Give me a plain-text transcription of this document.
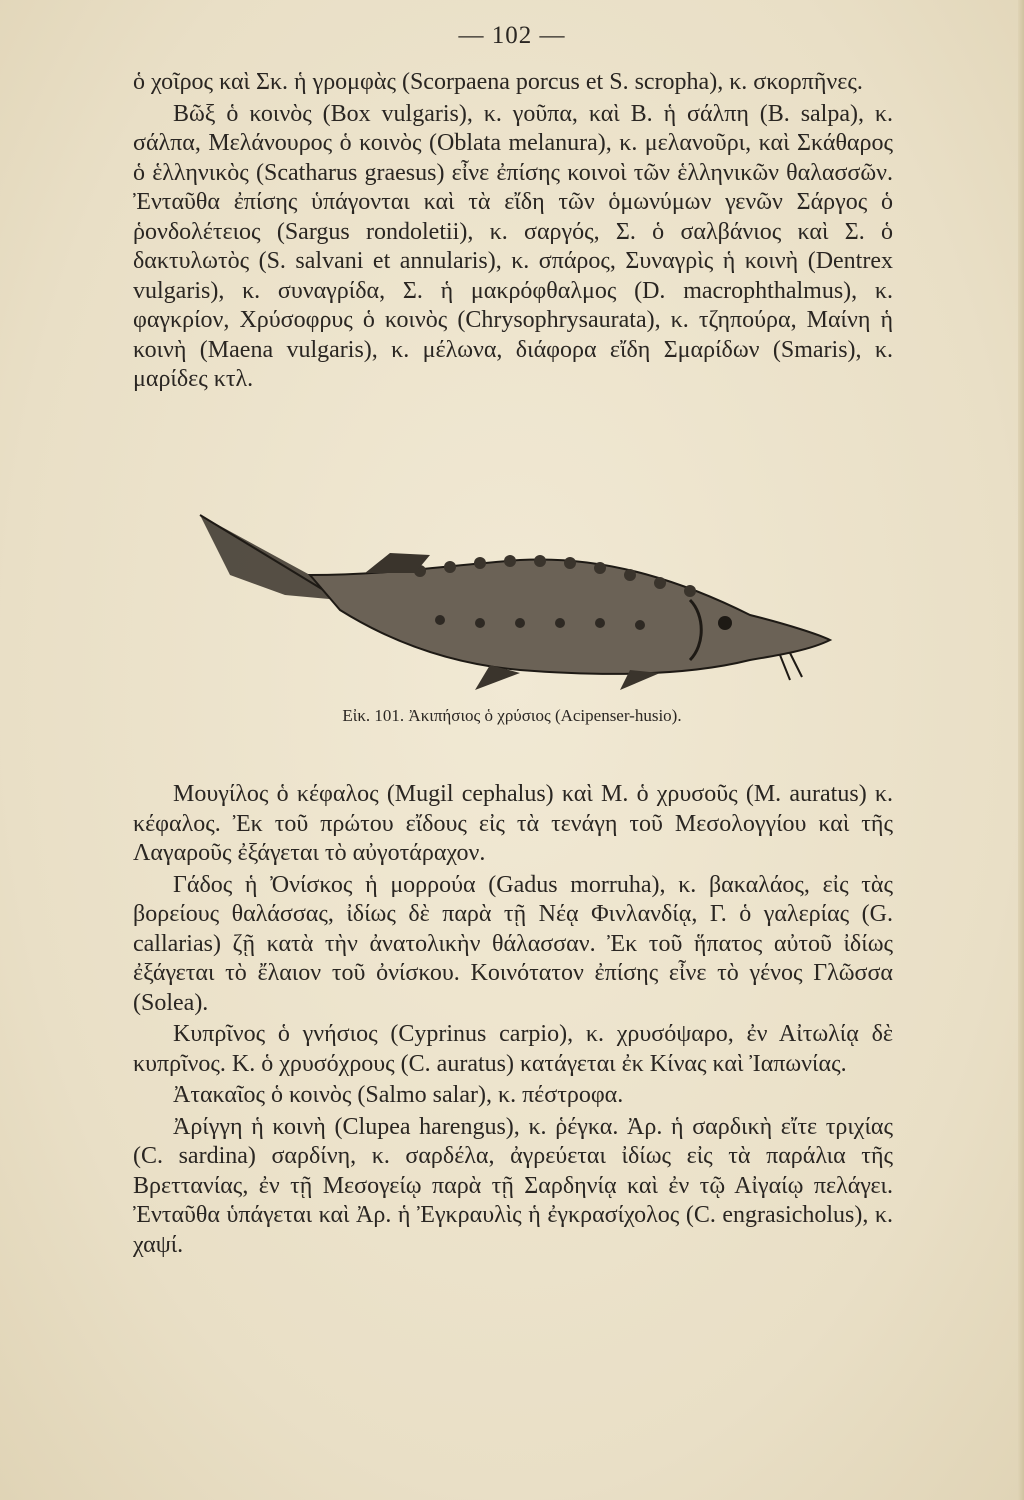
— 102 —

ὁ χοῖρος καὶ Σκ. ἡ γρομφὰς (Scorpaena porcus et S. scropha), κ. σκορπῆνες.

Βῶξ ὁ κοινὸς (Box vulgaris), κ. γοῦπα, καὶ Β. ἡ σάλπη (B. salpa), κ. σάλπα, Μελάνουρος ὁ κοινὸς (Oblata melanura), κ. μελανοῦρι, καὶ Σκάθαρος ὁ ἑλληνικὸς (Scatharus graesus) εἶνε ἐπίσης κοινοὶ τῶν ἑλληνικῶν θαλασσῶν. Ἐνταῦθα ἐπίσης ὑπάγονται καὶ τὰ εἴδη τῶν ὁμωνύμων γενῶν Σάργος ὁ ῥονδολέτειος (Sargus rondoletii), κ. σαργός, Σ. ὁ σαλβάνιος καὶ Σ. ὁ δακτυλωτὸς (S. salvani et annularis), κ. σπάρος, Συναγρὶς ἡ κοινὴ (Dentrex vulgaris), κ. συναγρίδα, Σ. ἡ μακρόφθαλμος (D. macrophthalmus), κ. φαγκρίον, Χρύσοφρυς ὁ κοινὸς (Chrysophrysaurata), κ. τζηπούρα, Μαίνη ἡ κοινὴ (Maena vulgaris), κ. μέλωνα, διάφορα εἴδη Σμαρίδων (Smaris), κ. μαρίδες κτλ.

Εἰκ. 101. Ἀκιπήσιος ὁ χρύσιος (Acipenser-husio).

Μουγίλος ὁ κέφαλος (Mugil cephalus) καὶ Μ. ὁ χρυσοῦς (M. auratus) κ. κέφαλος. Ἐκ τοῦ πρώτου εἴδους εἰς τὰ τενάγη τοῦ Μεσολογγίου καὶ τῆς Λαγαροῦς ἐξάγεται τὸ αὐγοτάραχον.

Γάδος ἡ Ὀνίσκος ἡ μορρούα (Gadus morruha), κ. βακαλάος, εἰς τὰς βορείους θαλάσσας, ἰδίως δὲ παρὰ τῇ Νέᾳ Φινλανδίᾳ, Γ. ὁ γαλερίας (G. callarias) ζῇ κατὰ τὴν ἀνατολικὴν θάλασσαν. Ἐκ τοῦ ἥπατος αὐτοῦ ἰδίως ἐξάγεται τὸ ἔλαιον τοῦ ὀνίσκου. Κοινότατον ἐπίσης εἶνε τὸ γένος Γλῶσσα (Solea).

Κυπρῖνος ὁ γνήσιος (Cyprinus carpio), κ. χρυσόψαρο, ἐν Αἰτωλίᾳ δὲ κυπρῖνος. Κ. ὁ χρυσόχρους (C. auratus) κατάγεται ἐκ Κίνας καὶ Ἰαπωνίας.

Ἀτακαῖος ὁ κοινὸς (Salmo salar), κ. πέστροφα.

Ἀρίγγη ἡ κοινὴ (Clupea harengus), κ. ῥέγκα. Ἀρ. ἡ σαρδικὴ εἴτε τριχίας (C. sardina) σαρδίνη, κ. σαρδέλα, ἀγρεύεται ἰδίως εἰς τὰ παράλια τῆς Βρεττανίας, ἐν τῇ Μεσογείῳ παρὰ τῇ Σαρδηνίᾳ καὶ ἐν τῷ Αἰγαίῳ πελάγει. Ἐνταῦθα ὑπάγεται καὶ Ἀρ. ἡ Ἐγκραυλὶς ἡ ἐγκρασίχολος (C. engrasicholus), κ. χαψί.
